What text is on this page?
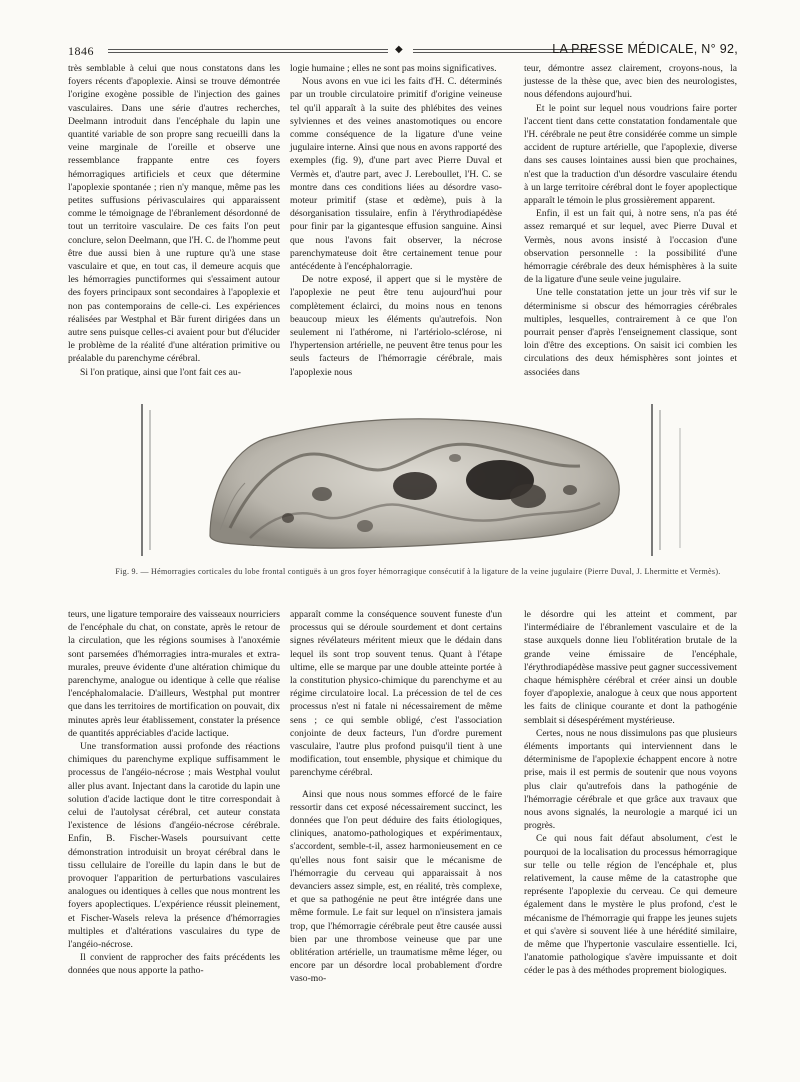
1846	◆	LA PRESSE MÉDICALE, N° 92,

très semblable à celui que nous constatons dans les foyers récents d'apoplexie. Ainsi se trouve démontrée l'origine exogène possible de l'injection des gaines vasculaires. Dans une série d'autres recherches, Deelmann introduit dans l'encéphale du lapin une quantité variable de son propre sang recueilli dans la veine marginale de l'oreille et observe une ressemblance frappante entre ces foyers hémorragiques artificiels et ceux que détermine l'apoplexie spontanée ; rien n'y manque, même pas les petites suffusions périvasculaires qui apparaissent comme le témoignage de l'ébranlement désordonné de tout un territoire vasculaire. De ces faits l'on peut conclure, selon Deelmann, que l'H. C. de l'homme peut être due aussi bien à une rupture qu'à une stase vasculaire et que, en tout cas, il demeure acquis que les hémorragies punctiformes qui s'essaiment autour des foyers principaux sont secondaires à l'apoplexie et non pas contemporains de celle-ci. Les expériences réalisées par Westphal et Bär furent dirigées dans un autre sens puisque celles-ci avaient pour but d'élucider le problème de la réalité d'une altération primitive ou préalable du parenchyme cérébral.

Si l'on pratique, ainsi que l'ont fait ces au-

logie humaine ; elles ne sont pas moins significatives.

Nous avons en vue ici les faits d'H. C. déterminés par un trouble circulatoire primitif d'origine veineuse tel qu'il apparaît à la suite des phlébites des veines sylviennes et des veines anastomotiques ou encore comme conséquence de la ligature d'une veine jugulaire interne. Ainsi que nous en avons rapporté des exemples (fig. 9), d'une part avec Pierre Duval et Vermès et, d'autre part, avec J. Lereboullet, l'H. C. se montre dans ces conditions liées au désordre vaso-moteur primitif (stase et œdème), puis à la désorganisation tissulaire, enfin à l'érythrodiapédèse pour finir par la gigantesque effusion sanguine. Ainsi que nous l'avons fait observer, la nécrose parenchymateuse doit être certainement tenue pour antécédente à l'encéphalorragie.

De notre exposé, il appert que si le mystère de l'apoplexie ne peut être tenu aujourd'hui pour complètement éclairci, du moins nous en tenons beaucoup mieux les éléments qu'autrefois. Non seulement ni l'athérome, ni l'artériolo-sclérose, ni l'hypertension artérielle, ne peuvent être tenus pour les seuls facteurs de l'hémorragie cérébrale, mais l'apoplexie nous

teur, démontre assez clairement, croyons-nous, la justesse de la thèse que, avec bien des neurologistes, nous défendons aujourd'hui.

Et le point sur lequel nous voudrions faire porter l'accent tient dans cette constatation fondamentale que l'H. cérébrale ne peut être considérée comme un simple accident de rupture artérielle, que l'apoplexie, diverse dans ses causes lointaines aussi bien que prochaines, n'est que la traduction d'un désordre vasculaire étendu à un large territoire cérébral dont le foyer apoplectique apparaît le témoin le plus grossièrement apparent.

Enfin, il est un fait qui, à notre sens, n'a pas été assez remarqué et sur lequel, avec Pierre Duval et Vermès, nous avons insisté à l'occasion d'une observation personnelle : la possibilité d'une hémorragie cérébrale des deux hémisphères à la suite de la ligature d'une seule veine jugulaire.

Une telle constatation jette un jour très vif sur le déterminisme si obscur des hémorragies cérébrales multiples, lesquelles, contrairement à ce que l'on pourrait penser d'après l'enseignement classique, sont loin d'être des exceptions. On saisit ici combien les circulations des deux hémisphères sont jointes et associées dans

Fig. 9. — Hémorragies corticales du lobe frontal contiguës à un gros foyer hémorragique consécutif à la ligature de la veine jugulaire (Pierre Duval, J. Lhermitte et Vermès).

teurs, une ligature temporaire des vaisseaux nourriciers de l'encéphale du chat, on constate, après le retour de la circulation, que les régions soumises à l'anoxémie sont parsemées d'hémorragies intra-murales et extra-murales, preuve évidente d'une altération chimique du parenchyme, analogue ou identique à celle que réalise l'encéphalomalacie. D'ailleurs, Westphal put montrer que dans les territoires de mortification on pouvait, dix minutes après leur établissement, constater la présence de quantités appréciables d'acide lactique.

Une transformation aussi profonde des réactions chimiques du parenchyme explique suffisamment le processus de l'angéio-nécrose ; mais Westphal voulut aller plus avant. Injectant dans la carotide du lapin une solution d'acide lactique dont le titre correspondait à celui de l'autolysat cérébral, cet auteur constata l'existence de lésions d'angéio-nécrose cérébrale. Enfin, B. Fischer-Wasels poursuivant cette démonstration introduisit un broyat cérébral dans le tissu cellulaire de l'oreille du lapin dans le but de provoquer l'apparition de perturbations vasculaires analogues ou identiques à celles que nous montrent les foyers apoplectiques. L'expérience réussit pleinement, et Fischer-Wasels releva la présence d'hémorragies multiples et d'altérations vasculaires du type de l'angéio-nécrose.

Il convient de rapprocher des faits précédents les données que nous apporte la patho-

apparaît comme la conséquence souvent funeste d'un processus qui se déroule sourdement et dont certains signes révélateurs méritent mieux que le dédain dans lequel ils sont trop souvent tenus. Quant à l'étape ultime, elle se marque par une double atteinte portée à la constitution physico-chimique du parenchyme et au régime circulatoire local. La précession de tel de ces processus n'est ni fatale ni nécessairement de même sens ; ce qui semble obligé, c'est l'association conjointe de deux facteurs, l'un d'ordre purement vasculaire, l'autre plus profond puisqu'il tient à une modification, tout ensemble, physique et chimique du parenchyme cérébral.

Ainsi que nous nous sommes efforcé de le faire ressortir dans cet exposé nécessairement succinct, les données que l'on peut déduire des faits étiologiques, cliniques, anatomo-pathologiques et expérimentaux, s'accordent, semble-t-il, assez harmonieusement en ce qu'elles nous font saisir que le mécanisme de l'hémorragie du cerveau qui apparaissait à nos devanciers assez simple, est, en réalité, très complexe, et que sa pathogénie ne peut être intégrée dans une même formule. Le fait sur lequel on n'insistera jamais trop, que l'hémorragie cérébrale peut être causée aussi bien par une thrombose veineuse que par une oblitération artérielle, un traumatisme même léger, ou encore par un désordre local probablement d'ordre vaso-mo-

le désordre qui les atteint et comment, par l'intermédiaire de l'ébranlement vasculaire et de la stase auxquels donne lieu l'oblitération brutale de la grande veine émissaire de l'encéphale, l'érythrodiapédèse massive peut gagner successivement chaque hémisphère cérébral et créer ainsi un double foyer d'apoplexie, analogue à ceux que nous apportent les faits de clinique courante et dont la pathogénie semblait si désespérément mystérieuse.

Certes, nous ne nous dissimulons pas que plusieurs éléments importants qui interviennent dans le déterminisme de l'apoplexie échappent encore à notre prise, mais il est permis de soutenir que nous voyons plus clair qu'autrefois dans la pathogénie de l'hémorragie cérébrale et que grâce aux travaux que nous avons signalés, la neurologie a marqué ici un progrès.

Ce qui nous fait défaut absolument, c'est le pourquoi de la localisation du processus hémorragique sur telle ou telle région de l'encéphale et, plus relativement, la cause même de la catastrophe que représente l'apoplexie du cerveau. Ce qui demeure également dans le mystère le plus profond, c'est le mécanisme de l'hémorragie qui frappe les jeunes sujets et qui s'avère si souvent liée à une hérédité similaire, de même que l'hypertonie vasculaire essentielle. Ici, l'anatomie pathologique s'avère impuissante et doit céder le pas à des méthodes proprement biologiques.
